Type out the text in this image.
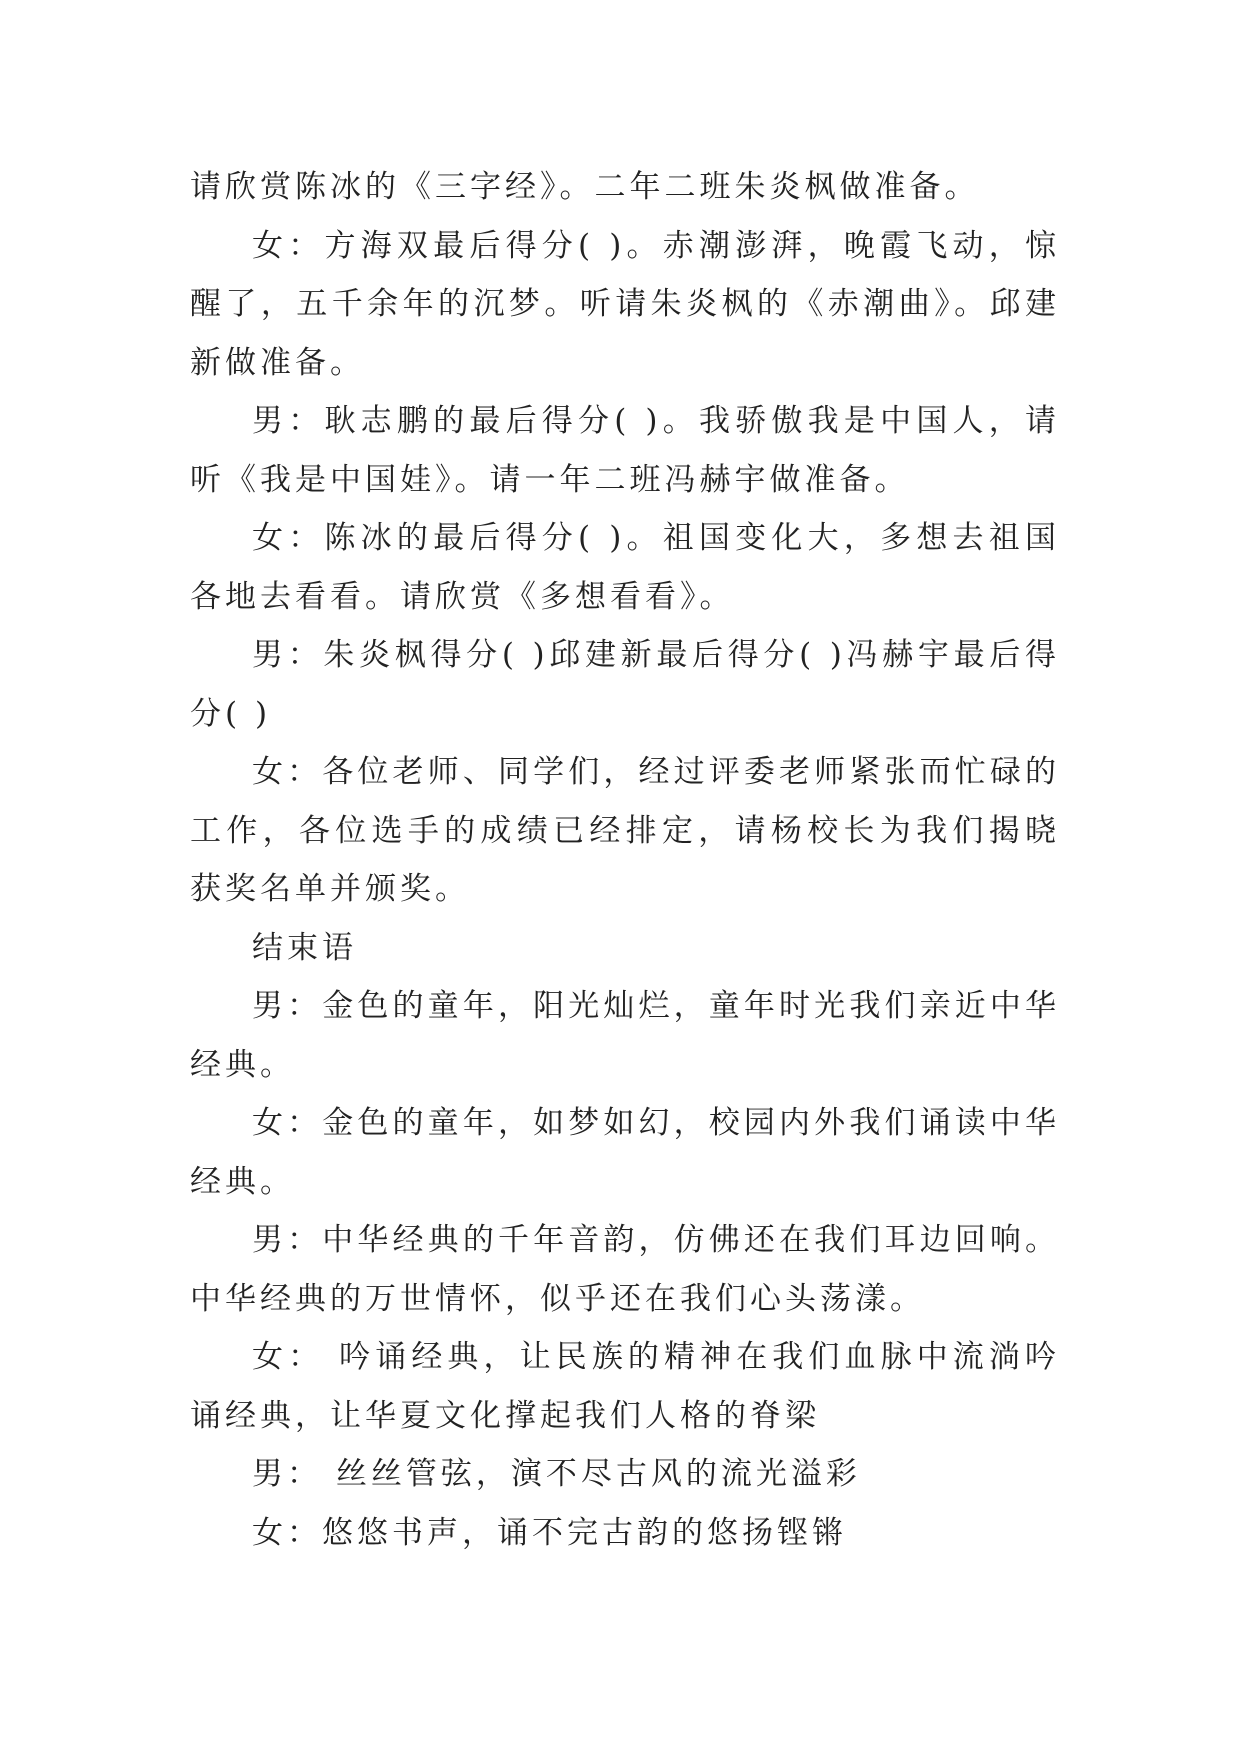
请欣赏陈冰的《三字经》。二年二班朱炎枫做准备。

女：方海双最后得分( )。赤潮澎湃，晚霞飞动，惊醒了，五千余年的沉梦。听请朱炎枫的《赤潮曲》。邱建新做准备。

男：耿志鹏的最后得分( )。我骄傲我是中国人，请听《我是中国娃》。请一年二班冯赫宇做准备。

女：陈冰的最后得分( )。祖国变化大，多想去祖国各地去看看。请欣赏《多想看看》。

男：朱炎枫得分( )邱建新最后得分( )冯赫宇最后得分( )

女：各位老师、同学们，经过评委老师紧张而忙碌的工作，各位选手的成绩已经排定，请杨校长为我们揭晓获奖名单并颁奖。

结束语

男：金色的童年，阳光灿烂，童年时光我们亲近中华经典。

女：金色的童年，如梦如幻，校园内外我们诵读中华经典。

男：中华经典的千年音韵，仿佛还在我们耳边回响。中华经典的万世情怀，似乎还在我们心头荡漾。

女： 吟诵经典，让民族的精神在我们血脉中流淌吟诵经典，让华夏文化撑起我们人格的脊梁

男： 丝丝管弦，演不尽古风的流光溢彩

女：悠悠书声，诵不完古韵的悠扬铿锵
